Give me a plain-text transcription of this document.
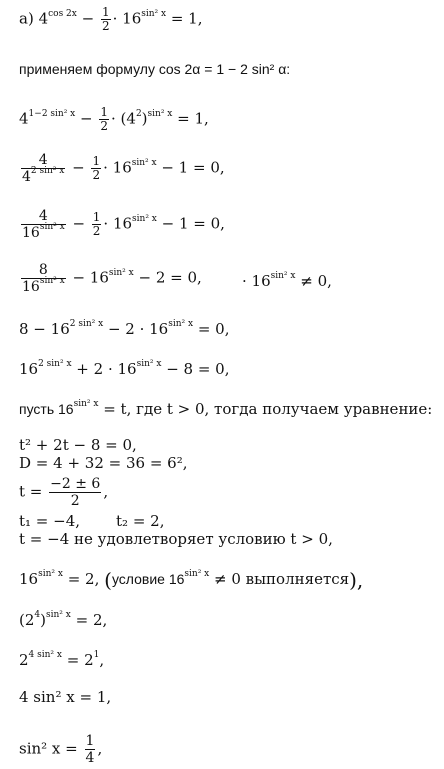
а) $4^{cos 2x} - \frac{1}{2} \cdot 16^{sin^2 x} = 1$,
применяем формулу cos 2α = 1 − 2 sin² α:
$4^{1-2 sin^2 x} - \frac{1}{2} \cdot (4^2)^{sin^2 x} = 1$,
$\frac{4}{4^{2 sin^2 x}} - \frac{1}{2} \cdot 16^{sin^2 x} - 1 = 0$,
$\frac{4}{16^{sin^2 x}} - \frac{1}{2} \cdot 16^{sin^2 x} - 1 = 0$,
$\frac{8}{16^{sin^2 x}} - 16^{sin^2 x} - 2 = 0$,	· $16^{sin^2 x} \ne 0$,
$8 - 16^{2 sin^2 x} - 2 \cdot 16^{sin^2 x} = 0$,
$16^{2 sin^2 x} + 2 \cdot 16^{sin^2 x} - 8 = 0$,
пусть $16^{sin^2 x} = t$, где t > 0, тогда получаем уравнение:
t² + 2t − 8 = 0,
D = 4 + 32 = 36 = 6²,
$t = \frac{-2 \pm 6}{2}$ ,
t₁ = −4, t₂ = 2,
t = −4 не удовлетворяет условию t > 0,
$16^{sin^2 x} = 2$, (условие $16^{sin^2 x} \ne 0$ выполняется),
$(2^4)^{sin^2 x} = 2$,
$2^{4 sin^2 x} = 2^1$,
4 sin² x = 1,
sin² $x = \frac{1}{4}$ ,
